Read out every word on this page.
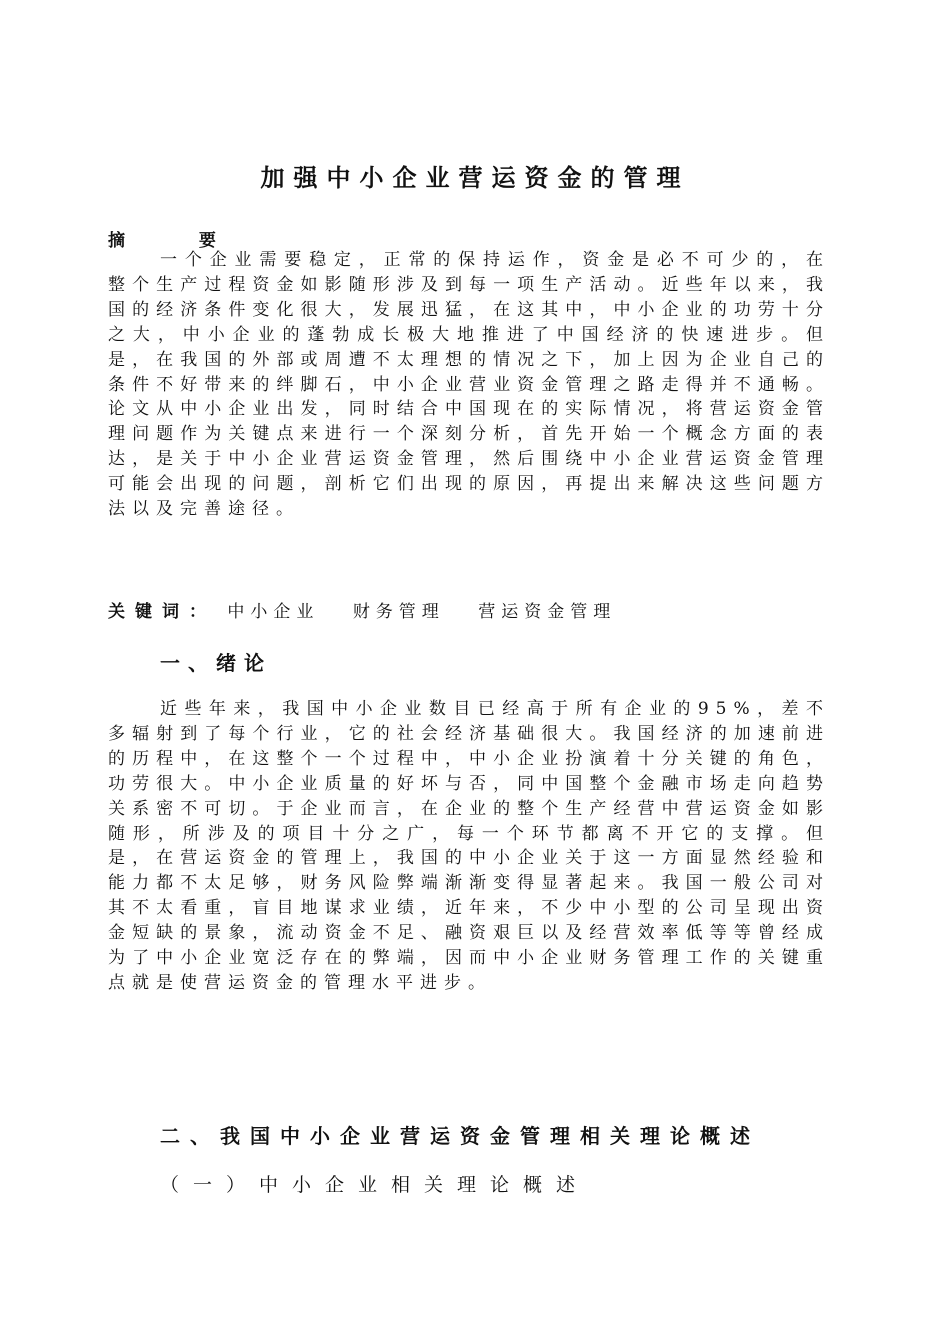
加强中小企业营运资金的管理
摘 要
一个企业需要稳定，正常的保持运作，资金是必不可少的，在整个生产过程资金如影随形涉及到每一项生产活动。近些年以来，我国的经济条件变化很大，发展迅猛，在这其中，中小企业的功劳十分之大，中小企业的蓬勃成长极大地推进了中国经济的快速进步。但是，在我国的外部或周遭不太理想的情况之下，加上因为企业自己的条件不好带来的绊脚石，中小企业营业资金管理之路走得并不通畅。论文从中小企业出发，同时结合中国现在的实际情况，将营运资金管理问题作为关键点来进行一个深刻分析，首先开始一个概念方面的表达，是关于中小企业营运资金管理，然后围绕中小企业营运资金管理可能会出现的问题，剖析它们出现的原因，再提出来解决这些问题方法以及完善途径。
关键词： 中小企业 财务管理 营运资金管理
一、绪论
近些年来，我国中小企业数目已经高于所有企业的95%，差不多辐射到了每个行业，它的社会经济基础很大。我国经济的加速前进的历程中，在这整个一个过程中，中小企业扮演着十分关键的角色，功劳很大。中小企业质量的好坏与否，同中国整个金融市场走向趋势关系密不可切。于企业而言，在企业的整个生产经营中营运资金如影随形，所涉及的项目十分之广，每一个环节都离不开它的支撑。但是，在营运资金的管理上，我国的中小企业关于这一方面显然经验和能力都不太足够，财务风险弊端渐渐变得显著起来。我国一般公司对其不太看重，盲目地谋求业绩，近年来，不少中小型的公司呈现出资金短缺的景象，流动资金不足、融资艰巨以及经营效率低等等曾经成为了中小企业宽泛存在的弊端，因而中小企业财务管理工作的关键重点就是使营运资金的管理水平进步。
二、我国中小企业营运资金管理相关理论概述
（一）中小企业相关理论概述
